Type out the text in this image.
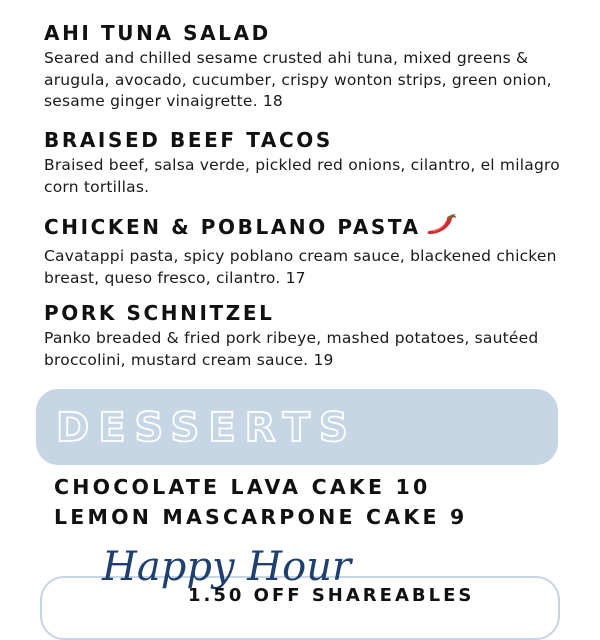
AHI TUNA SALAD

Seared and chilled sesame crusted ahi tuna, mixed greens & arugula, avocado, cucumber, crispy wonton strips, green onion, sesame ginger vinaigrette. 18

BRAISED BEEF TACOS

Braised beef, salsa verde, pickled red onions, cilantro, el milagro corn tortillas.

CHICKEN & POBLANO PASTA

Cavatappi pasta, spicy poblano cream sauce, blackened chicken breast, queso fresco, cilantro. 17

PORK SCHNITZEL

Panko breaded & fried pork ribeye, mashed potatoes, sautéed broccolini, mustard cream sauce. 19

DESSERTS
CHOCOLATE LAVA CAKE 10
LEMON MASCARPONE CAKE 9
Happy Hour
1.50 OFF SHAREABLES
